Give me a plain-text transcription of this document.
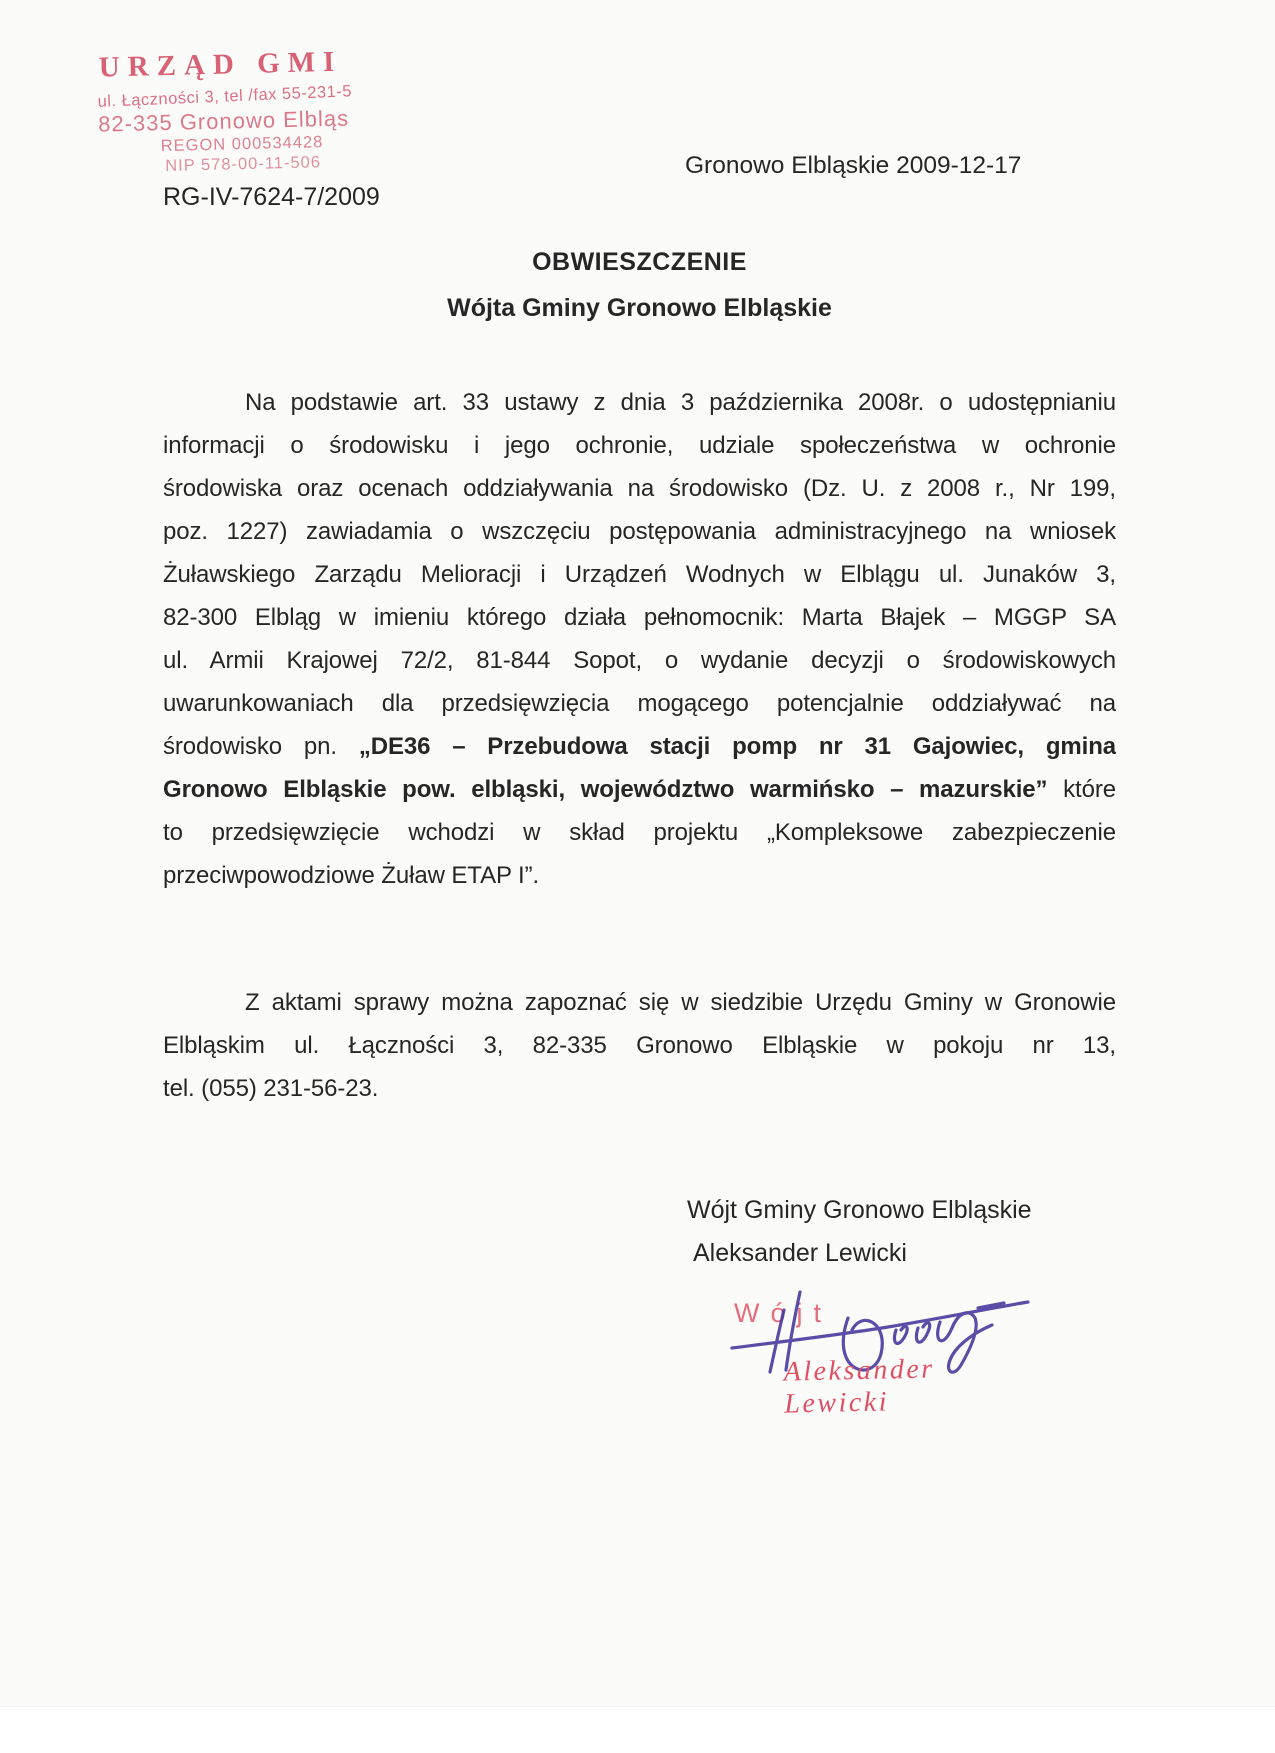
URZĄD GMI
ul. Łączności 3, tel /fax 55-231-5
82-335 Gronowo Elbląs
REGON 000534428
NIP 578-00-11-506
RG-IV-7624-7/2009
Gronowo Elbląskie 2009-12-17
OBWIESZCZENIE
Wójta Gminy Gronowo Elbląskie
Na podstawie art. 33 ustawy z dnia 3 października 2008r. o udostępnianiu
informacji o środowisku i jego ochronie, udziale społeczeństwa w ochronie
środowiska oraz ocenach oddziaływania na środowisko (Dz. U. z 2008 r., Nr 199,
poz. 1227) zawiadamia o wszczęciu postępowania administracyjnego na wniosek
Żuławskiego Zarządu Melioracji i Urządzeń Wodnych w Elblągu ul. Junaków 3,
82-300 Elbląg w imieniu którego działa pełnomocnik: Marta Błajek – MGGP SA
ul. Armii Krajowej 72/2, 81-844 Sopot, o wydanie decyzji o środowiskowych
uwarunkowaniach dla przedsięwzięcia mogącego potencjalnie oddziaływać na
środowisko pn. „DE36 – Przebudowa stacji pomp nr 31 Gajowiec, gmina
Gronowo Elbląskie pow. elbląski, województwo warmińsko – mazurskie” które
to przedsięwzięcie wchodzi w skład projektu „Kompleksowe zabezpieczenie
przeciwpowodziowe Żuław ETAP I”.
Z aktami sprawy można zapoznać się w siedzibie Urzędu Gminy w Gronowie
Elbląskim ul. Łączności 3, 82-335 Gronowo Elbląskie w pokoju nr 13,
tel. (055) 231-56-23.
Wójt Gminy Gronowo Elbląskie
Aleksander Lewicki
Wójt
Aleksander Lewicki
